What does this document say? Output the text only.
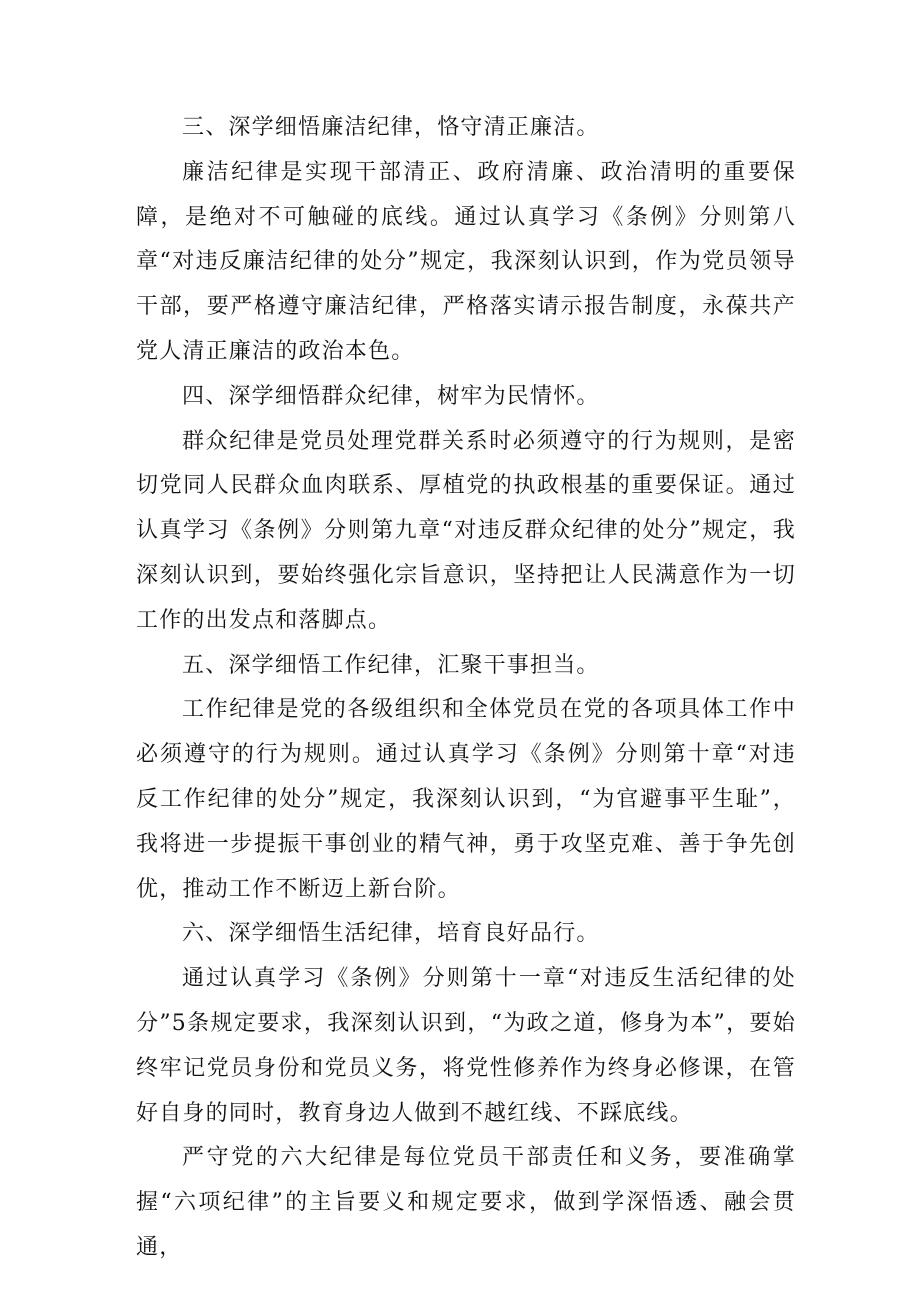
三、深学细悟廉洁纪律，恪守清正廉洁。

廉洁纪律是实现干部清正、政府清廉、政治清明的重要保障，是绝对不可触碰的底线。通过认真学习《条例》分则第八章“对违反廉洁纪律的处分”规定，我深刻认识到，作为党员领导干部，要严格遵守廉洁纪律，严格落实请示报告制度，永葆共产党人清正廉洁的政治本色。

四、深学细悟群众纪律，树牢为民情怀。

群众纪律是党员处理党群关系时必须遵守的行为规则，是密切党同人民群众血肉联系、厚植党的执政根基的重要保证。通过认真学习《条例》分则第九章“对违反群众纪律的处分”规定，我深刻认识到，要始终强化宗旨意识，坚持把让人民满意作为一切工作的出发点和落脚点。

五、深学细悟工作纪律，汇聚干事担当。

工作纪律是党的各级组织和全体党员在党的各项具体工作中必须遵守的行为规则。通过认真学习《条例》分则第十章“对违反工作纪律的处分”规定，我深刻认识到，“为官避事平生耻”，我将进一步提振干事创业的精气神，勇于攻坚克难、善于争先创优，推动工作不断迈上新台阶。

六、深学细悟生活纪律，培育良好品行。

通过认真学习《条例》分则第十一章“对违反生活纪律的处分”5条规定要求，我深刻认识到，“为政之道，修身为本”，要始终牢记党员身份和党员义务，将党性修养作为终身必修课，在管好自身的同时，教育身边人做到不越红线、不踩底线。

严守党的六大纪律是每位党员干部责任和义务，要准确掌握“六项纪律”的主旨要义和规定要求，做到学深悟透、融会贯通，
